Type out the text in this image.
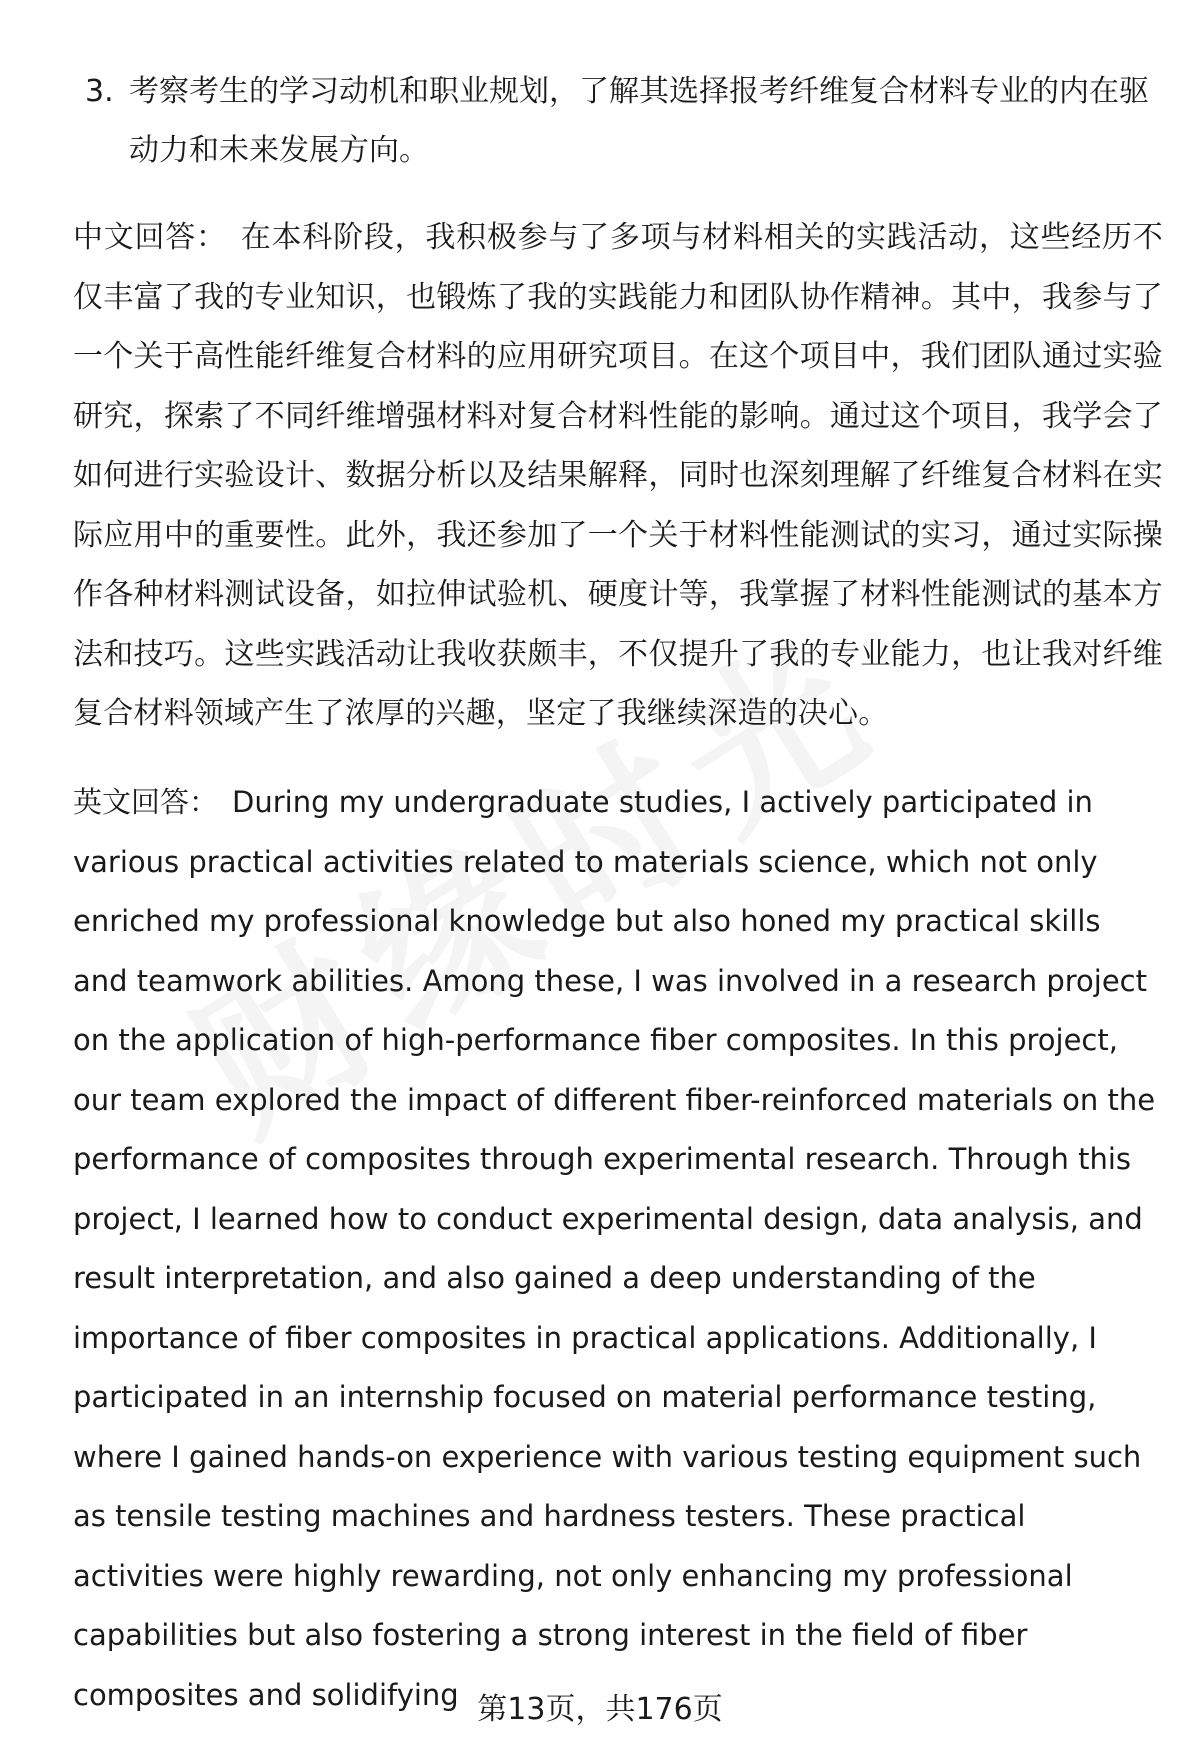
3. 考察考生的学习动机和职业规划，了解其选择报考纤维复合材料专业的内在驱动力和未来发展方向。
中文回答： 在本科阶段，我积极参与了多项与材料相关的实践活动，这些经历不仅丰富了我的专业知识，也锻炼了我的实践能力和团队协作精神。其中，我参与了一个关于高性能纤维复合材料的应用研究项目。在这个项目中，我们团队通过实验研究，探索了不同纤维增强材料对复合材料性能的影响。通过这个项目，我学会了如何进行实验设计、数据分析以及结果解释，同时也深刻理解了纤维复合材料在实际应用中的重要性。此外，我还参加了一个关于材料性能测试的实习，通过实际操作各种材料测试设备，如拉伸试验机、硬度计等，我掌握了材料性能测试的基本方法和技巧。这些实践活动让我收获颇丰，不仅提升了我的专业能力，也让我对纤维复合材料领域产生了浓厚的兴趣，坚定了我继续深造的决心。
英文回答： During my undergraduate studies, I actively participated in various practical activities related to materials science, which not only enriched my professional knowledge but also honed my practical skills and teamwork abilities. Among these, I was involved in a research project on the application of high-performance fiber composites. In this project, our team explored the impact of different fiber-reinforced materials on the performance of composites through experimental research. Through this project, I learned how to conduct experimental design, data analysis, and result interpretation, and also gained a deep understanding of the importance of fiber composites in practical applications. Additionally, I participated in an internship focused on material performance testing, where I gained hands-on experience with various testing equipment such as tensile testing machines and hardness testers. These practical activities were highly rewarding, not only enhancing my professional capabilities but also fostering a strong interest in the field of fiber composites and solidifying 第13页，共176页
